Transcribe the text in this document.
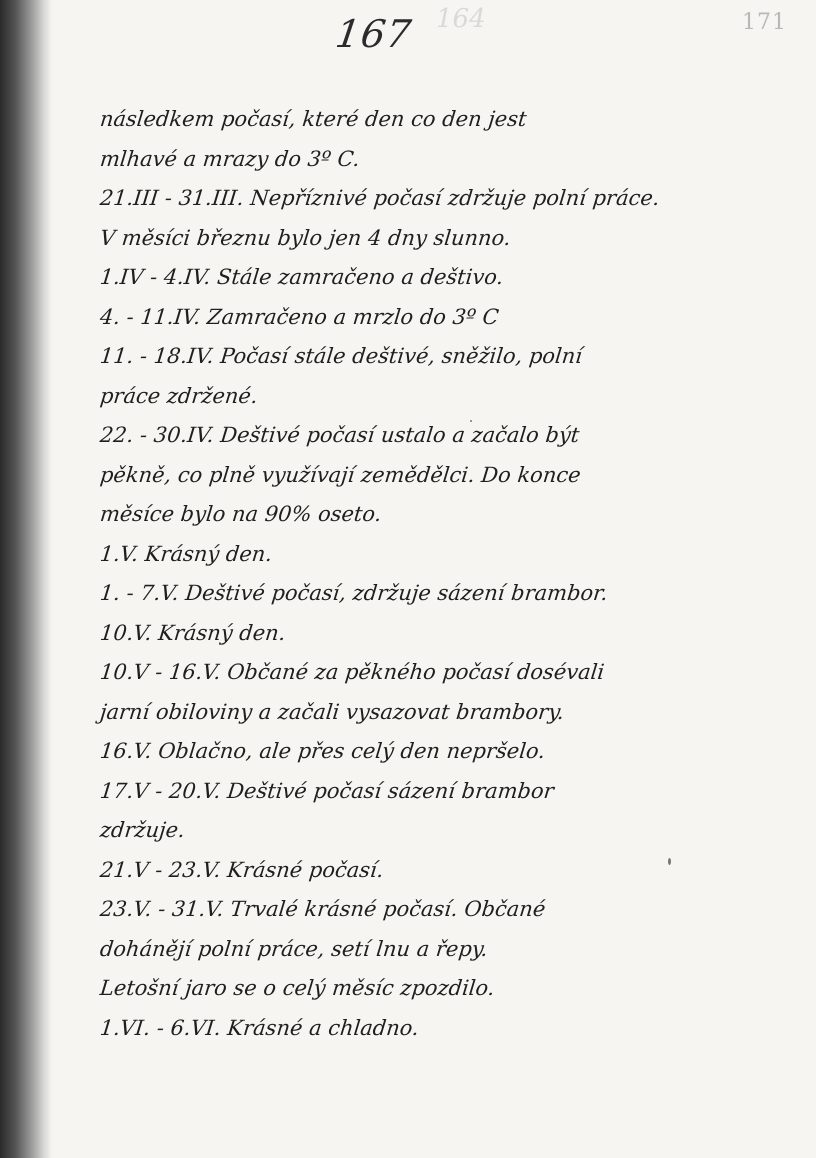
167 164	171
následkem počasí, které den co den jest
mlhavé a mrazy do 3º C.
21.III - 31.III. Nepříznivé počasí zdržuje polní práce.
V měsíci březnu bylo jen 4 dny slunno.
1.IV - 4.IV. Stále zamračeno a deštivo.
4. - 11.IV. Zamračeno a mrzlo do 3º C
11. - 18.IV. Počasí stále deštivé, sněžilo, polní
práce zdržené.
22. - 30.IV. Deštivé počasí ustalo a začalo být
pěkně, co plně využívají zemědělci. Do konce
měsíce bylo na 90% oseto.
1.V. Krásný den.
1. - 7.V. Deštivé počasí, zdržuje sázení brambor.
10.V. Krásný den.
10.V - 16.V. Občané za pěkného počasí dosévali
jarní obiloviny a začali vysazovat brambory.
16.V. Oblačno, ale přes celý den nepršelo.
17.V - 20.V. Deštivé počasí sázení brambor
zdržuje.
21.V - 23.V. Krásné počasí.
23.V. - 31.V. Trvalé krásné počasí. Občané
dohánějí polní práce, setí lnu a řepy.
Letošní jaro se o celý měsíc zpozdilo.
1.VI. - 6.VI. Krásné a chladno.
